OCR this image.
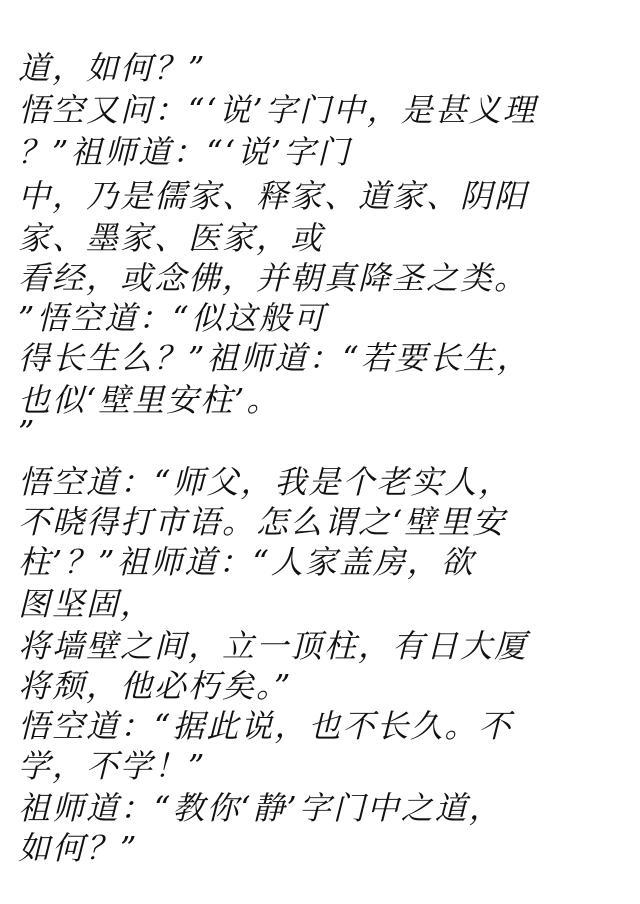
道，如何？”

悟空又问：“‘说’字门中，是甚义理

？”祖师道：“‘说’字门

中，乃是儒家、释家、道家、阴阳

家、墨家、医家，或

看经，或念佛，并朝真降圣之类。

”悟空道：“似这般可

得长生么？”祖师道：“若要长生，

也似‘壁里安柱’。

”

悟空道：“师父，我是个老实人，

不晓得打市语。怎么谓之‘壁里安

柱’？”祖师道：“人家盖房，欲

图坚固，

将墙壁之间，立一顶柱，有日大厦

将颓，他必朽矣。”

悟空道：“据此说，也不长久。不

学，不学！”

祖师道：“教你‘静’字门中之道，

如何？”
